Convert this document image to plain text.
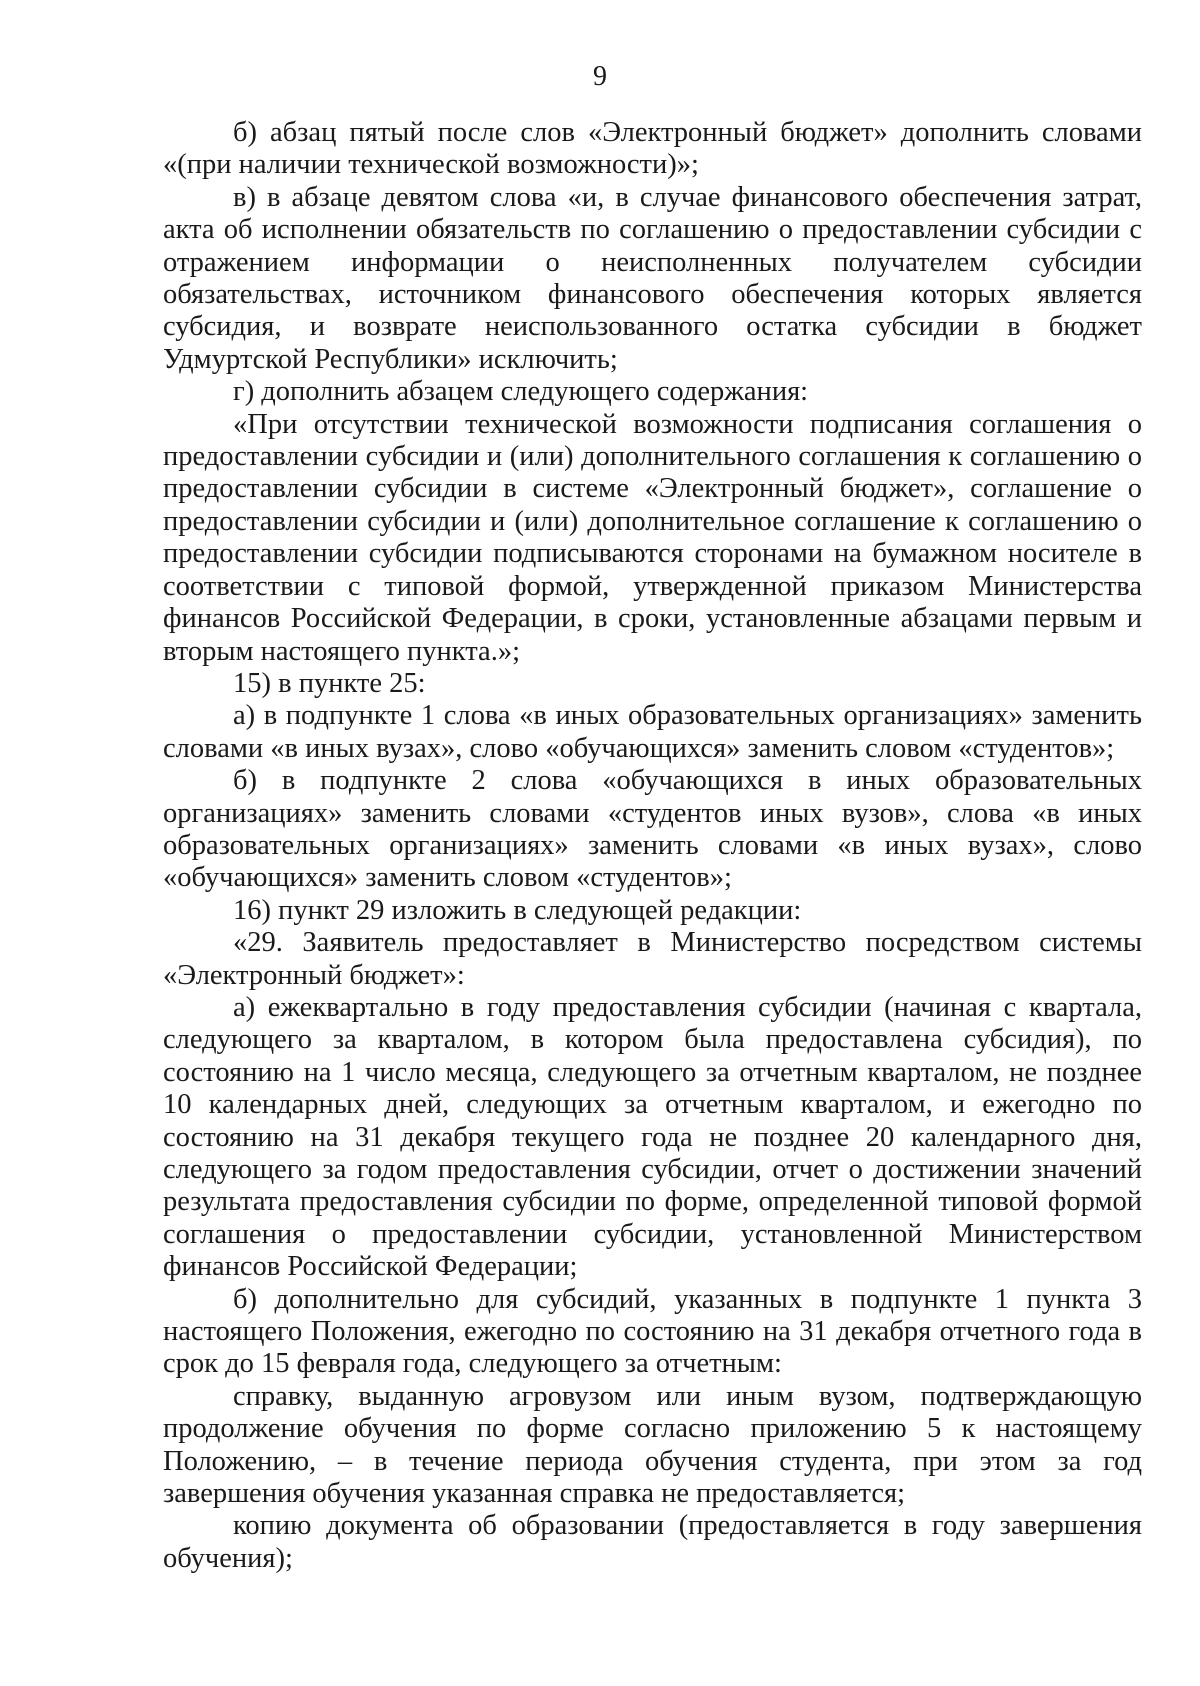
9

б) абзац пятый после слов «Электронный бюджет» дополнить словами «(при наличии технической возможности)»;

в) в абзаце девятом слова «и, в случае финансового обеспечения затрат, акта об исполнении обязательств по соглашению о предоставлении субсидии с отражением информации о неисполненных получателем субсидии обязательствах, источником финансового обеспечения которых является субсидия, и возврате неиспользованного остатка субсидии в бюджет Удмуртской Республики» исключить;

г) дополнить абзацем следующего содержания:

«При отсутствии технической возможности подписания соглашения о предоставлении субсидии и (или) дополнительного соглашения к соглашению о предоставлении субсидии в системе «Электронный бюджет», соглашение о предоставлении субсидии и (или) дополнительное соглашение к соглашению о предоставлении субсидии подписываются сторонами на бумажном носителе в соответствии с типовой формой, утвержденной приказом Министерства финансов Российской Федерации, в сроки, установленные абзацами первым и вторым настоящего пункта.»;

15) в пункте 25:

а) в подпункте 1 слова «в иных образовательных организациях» заменить словами «в иных вузах», слово «обучающихся» заменить словом «студентов»;

б) в подпункте 2 слова «обучающихся в иных образовательных организациях» заменить словами «студентов иных вузов», слова «в иных образовательных организациях» заменить словами «в иных вузах», слово «обучающихся» заменить словом «студентов»;

16) пункт 29 изложить в следующей редакции:

«29. Заявитель предоставляет в Министерство посредством системы «Электронный бюджет»:

а) ежеквартально в году предоставления субсидии (начиная с квартала, следующего за кварталом, в котором была предоставлена субсидия), по состоянию на 1 число месяца, следующего за отчетным кварталом, не позднее 10 календарных дней, следующих за отчетным кварталом, и ежегодно по состоянию на 31 декабря текущего года не позднее 20 календарного дня, следующего за годом предоставления субсидии, отчет о достижении значений результата предоставления субсидии по форме, определенной типовой формой соглашения о предоставлении субсидии, установленной Министерством финансов Российской Федерации;

б) дополнительно для субсидий, указанных в подпункте 1 пункта 3 настоящего Положения, ежегодно по состоянию на 31 декабря отчетного года в срок до 15 февраля года, следующего за отчетным:

справку, выданную агровузом или иным вузом, подтверждающую продолжение обучения по форме согласно приложению 5 к настоящему Положению, – в течение периода обучения студента, при этом за год завершения обучения указанная справка не предоставляется;

копию документа об образовании (предоставляется в году завершения обучения);
